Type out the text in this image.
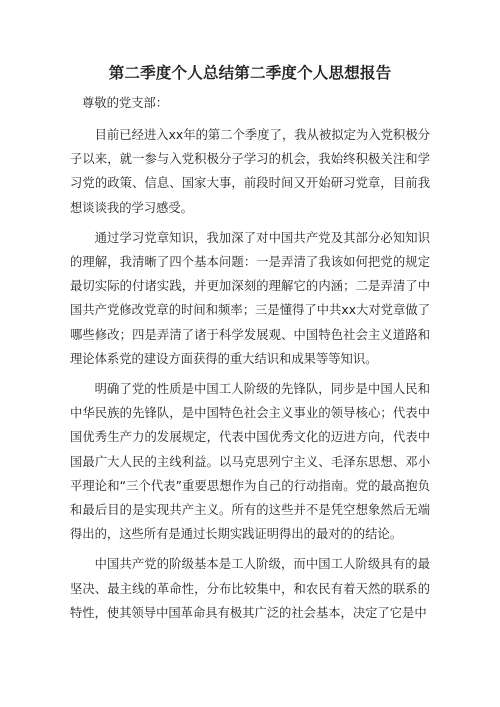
第二季度个人总结第二季度个人思想报告
尊敬的党支部：

目前已经进入xx年的第二个季度了，我从被拟定为入党积极分子以来，就一参与入党积极分子学习的机会，我始终积极关注和学习党的政策、信息、国家大事，前段时间又开始研习党章，目前我想谈谈我的学习感受。

通过学习党章知识，我加深了对中国共产党及其部分必知知识的理解，我清晰了四个基本问题：一是弄清了我该如何把党的规定最切实际的付诸实践，并更加深刻的理解它的内涵；二是弄清了中国共产党修改党章的时间和频率；三是懂得了中共xx大对党章做了哪些修改；四是弄清了诸于科学发展观、中国特色社会主义道路和理论体系党的建设方面获得的重大结识和成果等等知识。

明确了党的性质是中国工人阶级的先锋队，同步是中国人民和中华民族的先锋队，是中国特色社会主义事业的领导核心；代表中国优秀生产力的发展规定，代表中国优秀文化的迈进方向，代表中国最广大人民的主线利益。以马克思列宁主义、毛泽东思想、邓小平理论和“三个代表”重要思想作为自己的行动指南。党的最高抱负和最后目的是实现共产主义。所有的这些并不是凭空想象然后无端得出的，这些所有是通过长期实践证明得出的最对的的结论。

中国共产党的阶级基本是工人阶级，而中国工人阶级具有的最坚决、最主线的革命性，分布比较集中，和农民有着天然的联系的特性，使其领导中国革命具有极其广泛的社会基本，决定了它是中
